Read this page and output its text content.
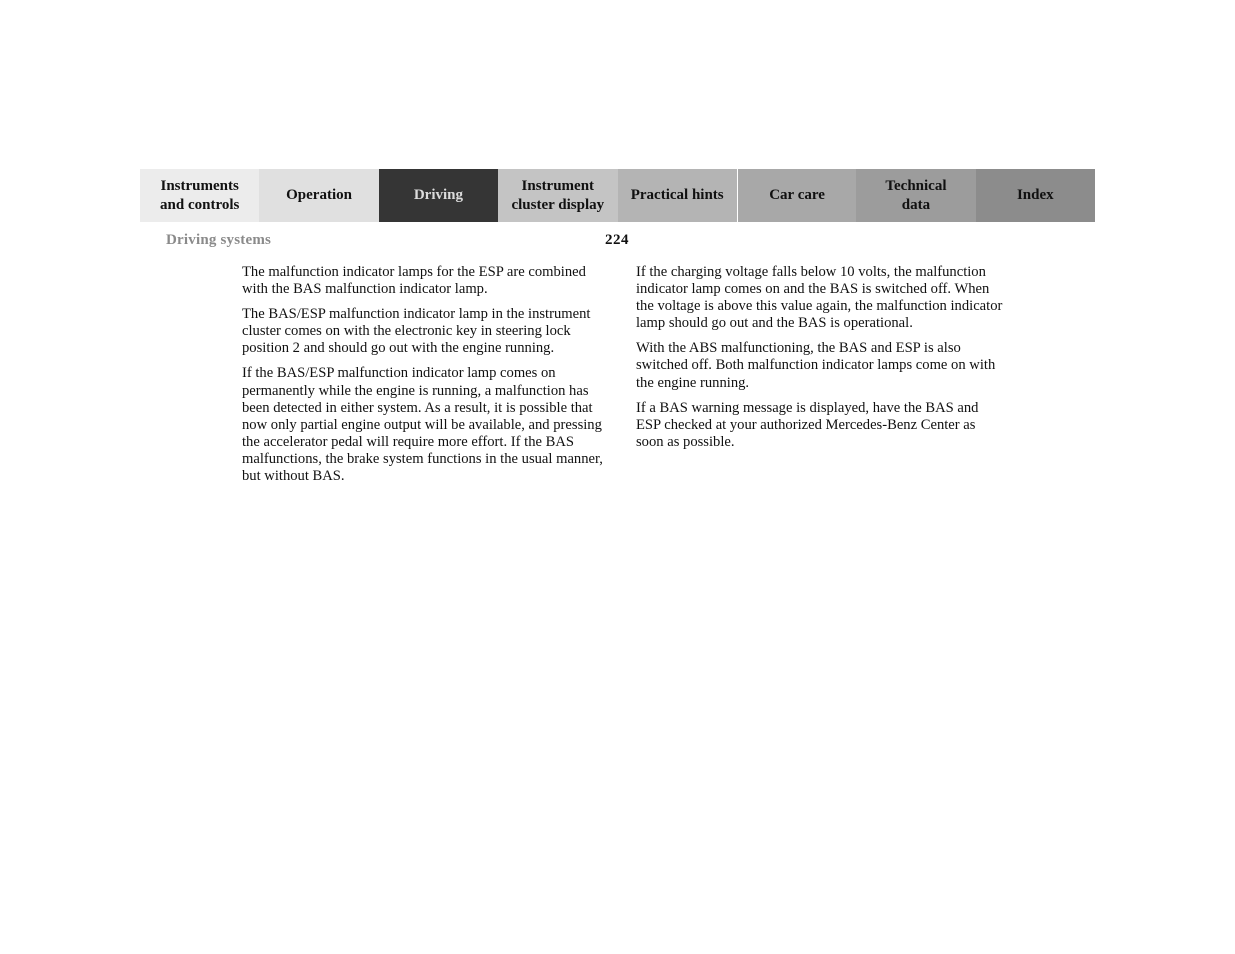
Instruments
and controls
Operation	Driving
Instrument
cluster display
Practical hints	Car care
Technical
data
Index
Driving systems	224

The malfunction indicator lamps for the ESP are combined with the BAS malfunction indicator lamp.

The BAS/ESP malfunction indicator lamp in the instrument cluster comes on with the electronic key in steering lock position 2 and should go out with the engine running.

If the BAS/ESP malfunction indicator lamp comes on permanently while the engine is running, a malfunction has been detected in either system. As a result, it is possible that now only partial engine output will be available, and pressing the accelerator pedal will require more effort. If the BAS malfunctions, the brake system functions in the usual manner, but without BAS.

If the charging voltage falls below 10 volts, the malfunction indicator lamp comes on and the BAS is switched off. When the voltage is above this value again, the malfunction indicator lamp should go out and the BAS is operational.

With the ABS malfunctioning, the BAS and ESP is also switched off. Both malfunction indicator lamps come on with the engine running.

If a BAS warning message is displayed, have the BAS and ESP checked at your authorized Mercedes-Benz Center as soon as possible.
